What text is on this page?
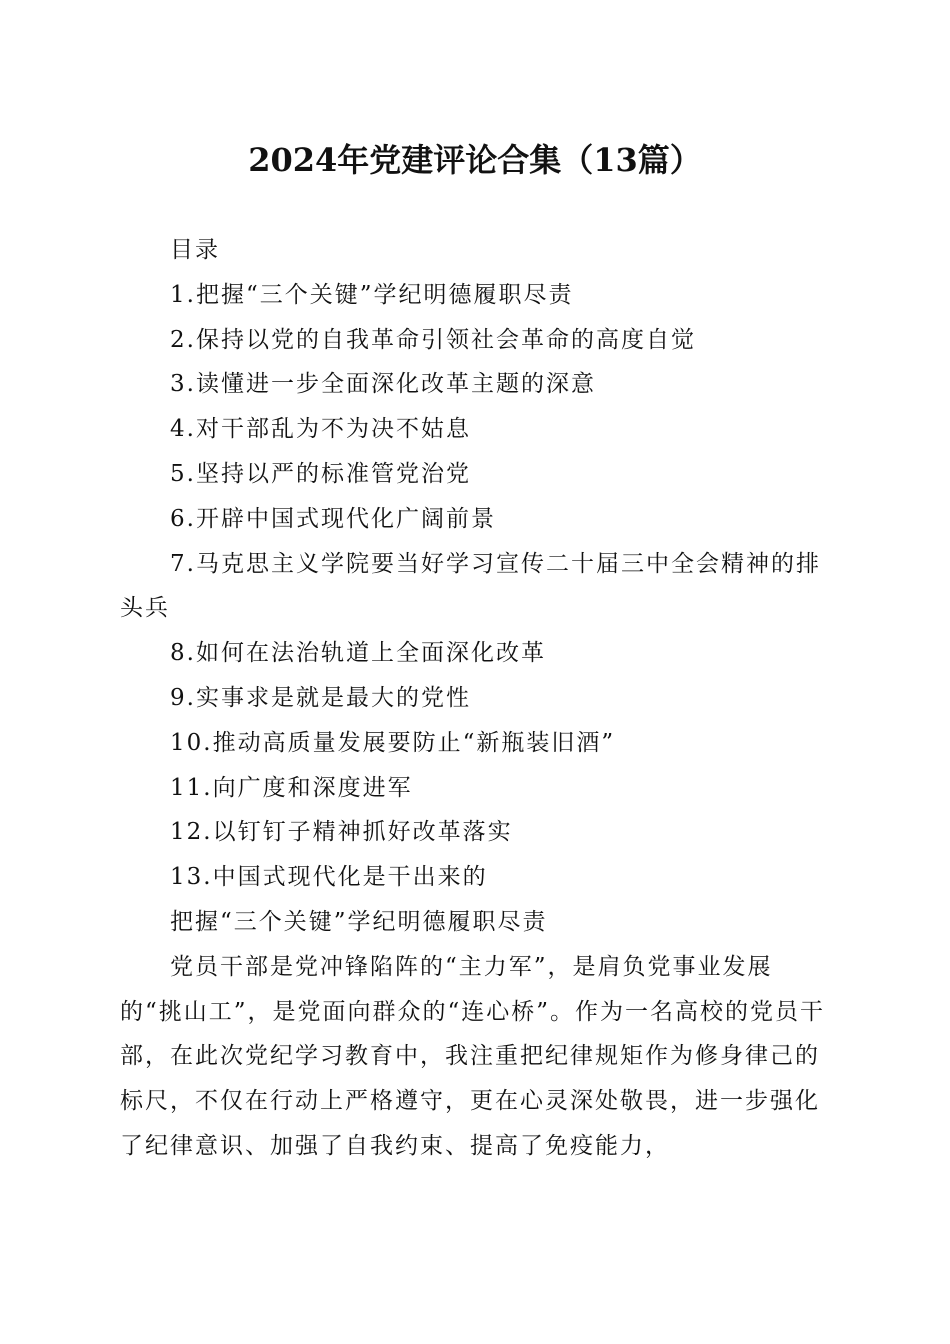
2024年党建评论合集（13篇）

目录

1.把握“三个关键”学纪明德履职尽责
2.保持以党的自我革命引领社会革命的高度自觉
3.读懂进一步全面深化改革主题的深意
4.对干部乱为不为决不姑息
5.坚持以严的标准管党治党
6.开辟中国式现代化广阔前景
7.马克思主义学院要当好学习宣传二十届三中全会精神的排头兵
8.如何在法治轨道上全面深化改革
9.实事求是就是最大的党性
10.推动高质量发展要防止“新瓶装旧酒”
11.向广度和深度进军
12.以钉钉子精神抓好改革落实
13.中国式现代化是干出来的

把握“三个关键”学纪明德履职尽责

党员干部是党冲锋陷阵的“主力军”，是肩负党事业发展的“挑山工”，是党面向群众的“连心桥”。作为一名高校的党员干部，在此次党纪学习教育中，我注重把纪律规矩作为修身律己的标尺，不仅在行动上严格遵守，更在心灵深处敬畏，进一步强化了纪律意识、加强了自我约束、提高了免疫能力，
